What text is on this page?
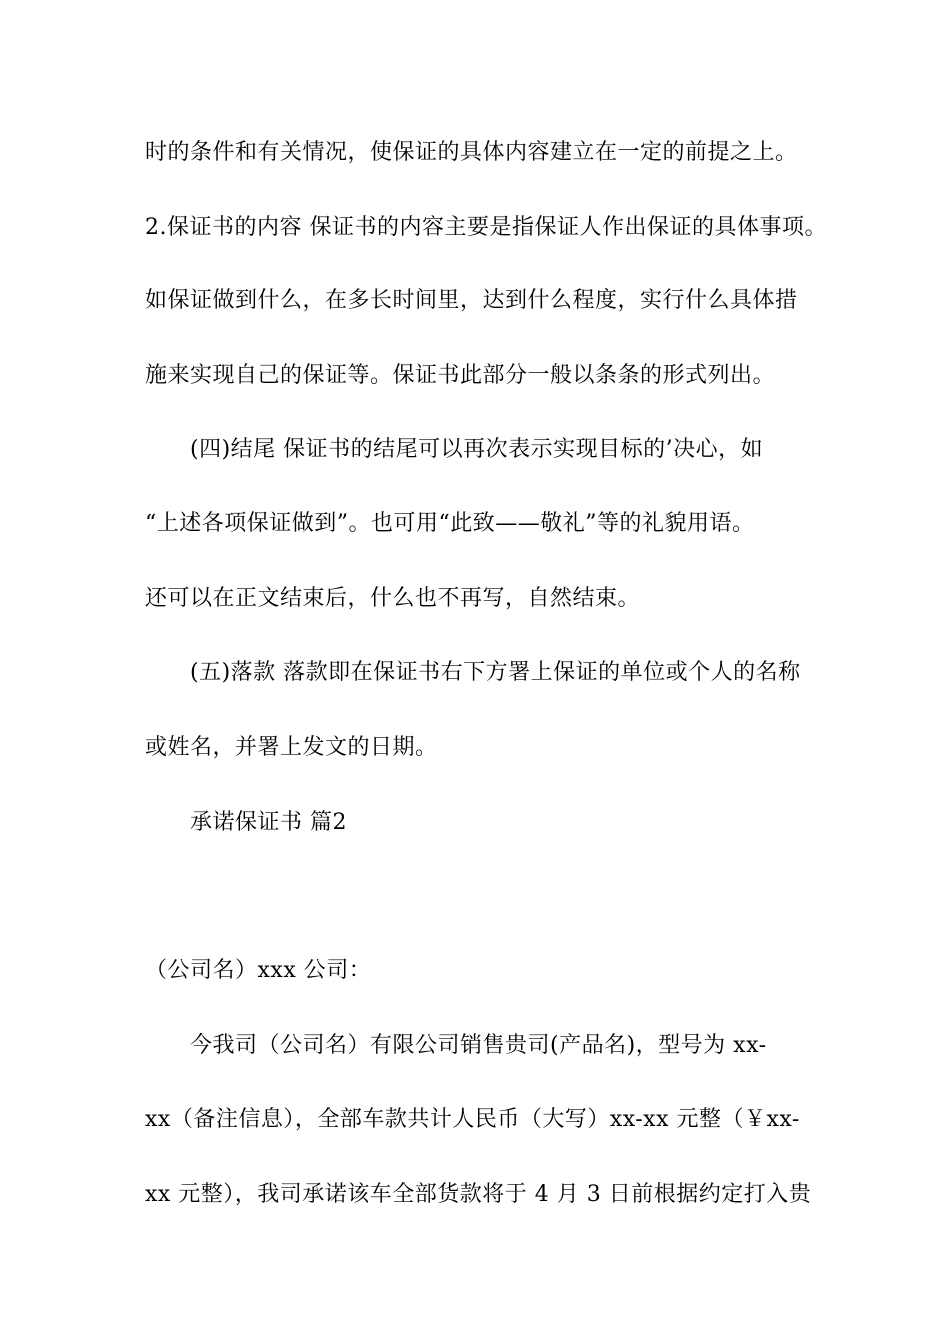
时的条件和有关情况，使保证的具体内容建立在一定的前提之上。
2.保证书的内容 保证书的内容主要是指保证人作出保证的具体事项。
如保证做到什么，在多长时间里，达到什么程度，实行什么具体措
施来实现自己的保证等。保证书此部分一般以条条的形式列出。
(四)结尾 保证书的结尾可以再次表示实现目标的’决心，如
“上述各项保证做到”。也可用“此致——敬礼”等的礼貌用语。
还可以在正文结束后，什么也不再写，自然结束。
(五)落款 落款即在保证书右下方署上保证的单位或个人的名称
或姓名，并署上发文的日期。
承诺保证书 篇2
（公司名）xxx 公司：
今我司（公司名）有限公司销售贵司(产品名)，型号为 xx-
xx（备注信息），全部车款共计人民币（大写）xx-xx 元整（￥xx-
xx 元整），我司承诺该车全部货款将于 4 月 3 日前根据约定打入贵
